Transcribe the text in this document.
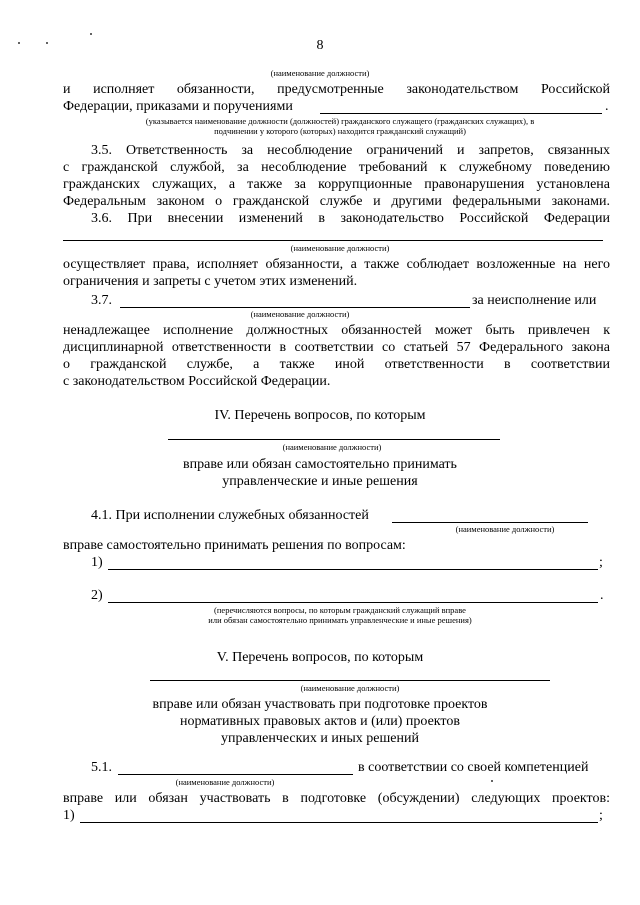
8
(наименование должности)
и исполняет обязанности, предусмотренные законодательством Российской
Федерации, приказами и поручениями	.
(указывается наименование должности (должностей) гражданского служащего (гражданских служащих), в
подчинении у которого (которых) находится гражданский служащий)
3.5. Ответственность за несоблюдение ограничений и запретов, связанных
с гражданской службой, за несоблюдение требований к служебному поведению
гражданских служащих, а также за коррупционные правонарушения установлена
Федеральным законом о гражданской службе и другими федеральными законами.
3.6. При внесении изменений в законодательство Российской Федерации
(наименование должности)
осуществляет права, исполняет обязанности, а также соблюдает возложенные на него
ограничения и запреты с учетом этих изменений.
3.7.	за неисполнение или
(наименование должности)
ненадлежащее исполнение должностных обязанностей может быть привлечен к
дисциплинарной ответственности в соответствии со статьей 57 Федерального закона
о гражданской службе, а также иной ответственности в соответствии
с законодательством Российской Федерации.
IV. Перечень вопросов, по которым
(наименование должности)
вправе или обязан самостоятельно принимать
управленческие и иные решения
4.1. При исполнении служебных обязанностей
(наименование должности)
вправе самостоятельно принимать решения по вопросам:
1)	;
2)	.
(перечисляются вопросы, по которым гражданский служащий вправе
или обязан самостоятельно принимать управленческие и иные решения)
V. Перечень вопросов, по которым
(наименование должности)
вправе или обязан участвовать при подготовке проектов
нормативных правовых актов и (или) проектов
управленческих и иных решений
5.1.	в соответствии со своей компетенцией
(наименование должности)
вправе или обязан участвовать в подготовке (обсуждении) следующих проектов:
1)	;
